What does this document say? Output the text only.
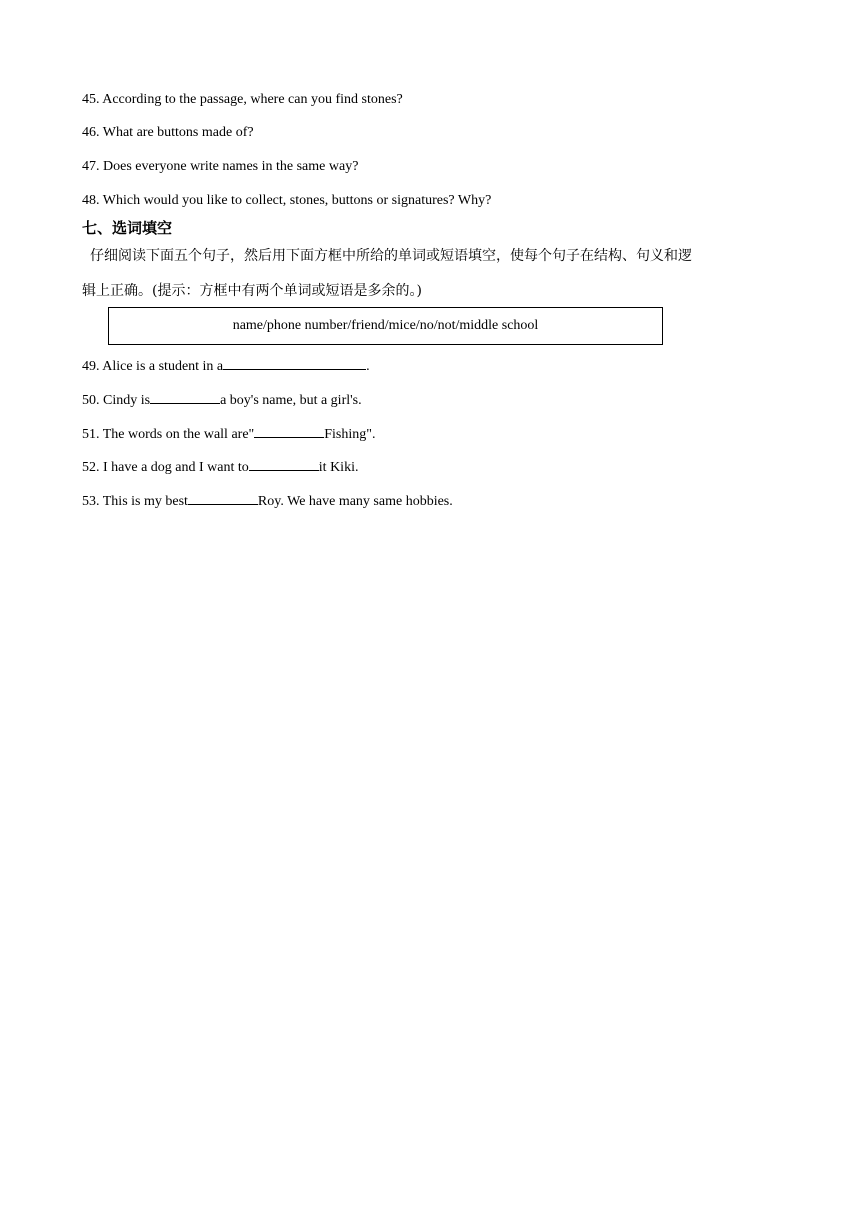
45. According to the passage, where can you find stones?
46. What are buttons made of?
47. Does everyone write names in the same way?
48. Which would you like to collect, stones, buttons or signatures? Why?
七、选词填空
仔细阅读下面五个句子，然后用下面方框中所给的单词或短语填空，使每个句子在结构、句义和逻
辑上正确。(提示：方框中有两个单词或短语是多余的。)
name/phone number/friend/mice/no/not/middle school
49. Alice is a student in a	.
50. Cindy is	a boy's name, but a girl's.
51. The words on the wall are"	Fishing".
52. I have a dog and I want to	it Kiki.
53. This is my best	Roy. We have many same hobbies.
